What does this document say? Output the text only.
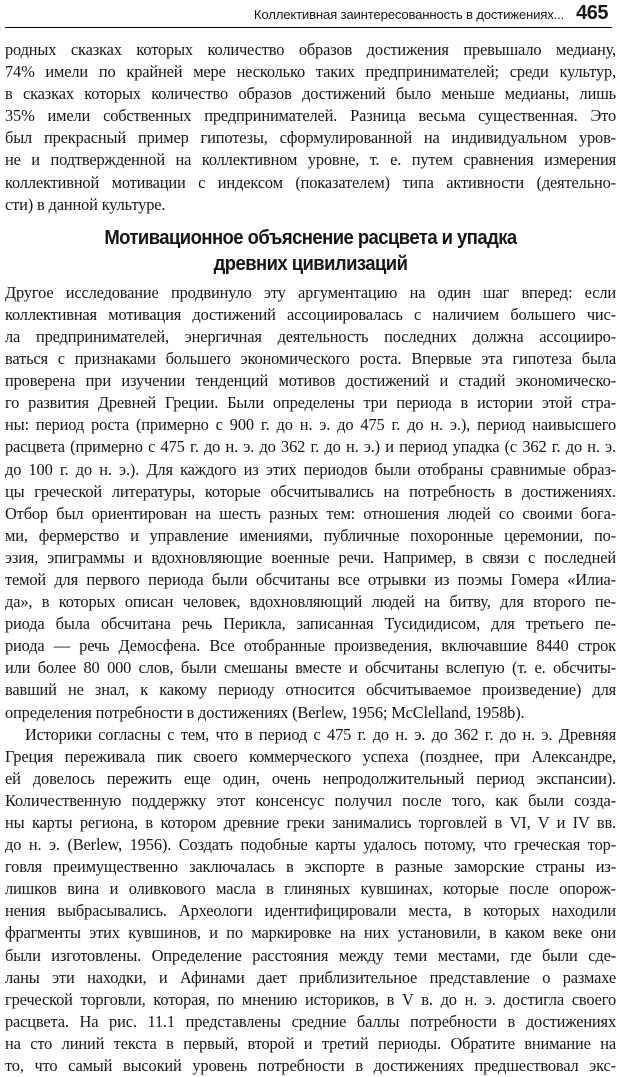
Коллективная заинтересованность в достижениях... 465
родных сказках которых количество образов достижения превышало медиану,
74% имели по крайней мере несколько таких предпринимателей; среди культур,
в сказках которых количество образов достижений было меньше медианы, лишь
35% имели собственных предпринимателей. Разница весьма существенная. Это
был прекрасный пример гипотезы, сформулированной на индивидуальном уров-
не и подтвержденной на коллективном уровне, т. е. путем сравнения измерения
коллективной мотивации с индексом (показателем) типа активности (деятельно-
сти) в данной культуре.
Мотивационное объяснение расцвета и упадка
древних цивилизаций
Другое исследование продвинуло эту аргументацию на один шаг вперед: если
коллективная мотивация достижений ассоциировалась с наличием большего чис-
ла предпринимателей, энергичная деятельность последних должна ассоцииро-
ваться с признаками большего экономического роста. Впервые эта гипотеза была
проверена при изучении тенденций мотивов достижений и стадий экономическо-
го развития Древней Греции. Были определены три периода в истории этой стра-
ны: период роста (примерно с 900 г. до н. э. до 475 г. до н. э.), период наивысшего
расцвета (примерно с 475 г. до н. э. до 362 г. до н. э.) и период упадка (с 362 г. до н. э.
до 100 г. до н. э.). Для каждого из этих периодов были отобраны сравнимые образ-
цы греческой литературы, которые обсчитывались на потребность в достижениях.
Отбор был ориентирован на шесть разных тем: отношения людей со своими бога-
ми, фермерство и управление имениями, публичные похоронные церемонии, по-
эзия, эпиграммы и вдохновляющие военные речи. Например, в связи с последней
темой для первого периода были обсчитаны все отрывки из поэмы Гомера «Илиа-
да», в которых описан человек, вдохновляющий людей на битву, для второго пе-
риода была обсчитана речь Перикла, записанная Тусидидисом, для третьего пе-
риода — речь Демосфена. Все отобранные произведения, включавшие 8440 строк
или более 80 000 слов, были смешаны вместе и обсчитаны вслепую (т. е. обсчиты-
вавший не знал, к какому периоду относится обсчитываемое произведение) для
определения потребности в достижениях (Berlew, 1956; McClelland, 1958b).
Историки согласны с тем, что в период с 475 г. до н. э. до 362 г. до н. э. Древняя
Греция переживала пик своего коммерческого успеха (позднее, при Александре,
ей довелось пережить еще один, очень непродолжительный период экспансии).
Количественную поддержку этот консенсус получил после того, как были созда-
ны карты региона, в котором древние греки занимались торговлей в VI, V и IV вв.
до н. э. (Berlew, 1956). Создать подобные карты удалось потому, что греческая тор-
говля преимущественно заключалась в экспорте в разные заморские страны из-
лишков вина и оливкового масла в глиняных кувшинах, которые после опорож-
нения выбрасывались. Археологи идентифицировали места, в которых находили
фрагменты этих кувшинов, и по маркировке на них установили, в каком веке они
были изготовлены. Определение расстояния между теми местами, где были сде-
ланы эти находки, и Афинами дает приблизительное представление о размахе
греческой торговли, которая, по мнению историков, в V в. до н. э. достигла своего
расцвета. На рис. 11.1 представлены средние баллы потребности в достижениях
на сто линий текста в первый, второй и третий периоды. Обратите внимание на
то, что самый высокий уровень потребности в достижениях предшествовал экс-
